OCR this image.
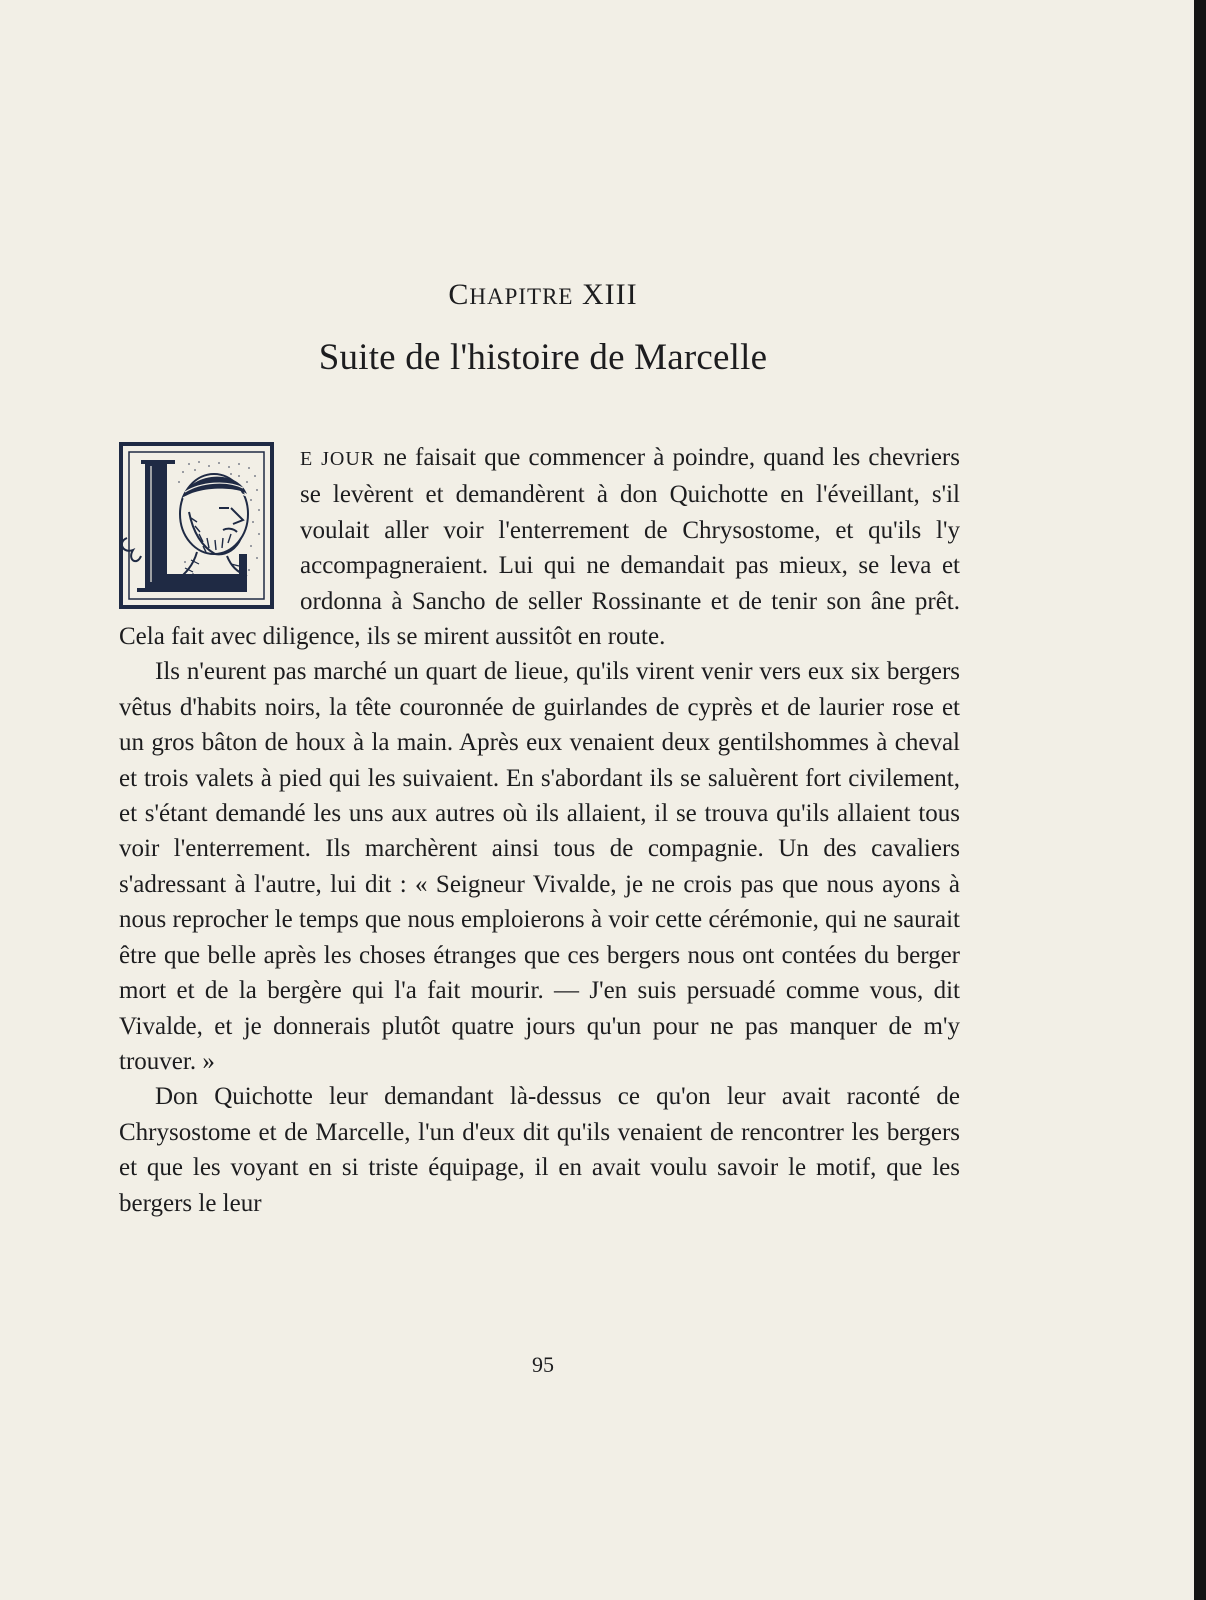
CHAPITRE XIII
Suite de l'histoire de Marcelle

E JOUR ne faisait que commencer à poindre, quand les chevriers se levèrent et demandèrent à don Quichotte en l'éveillant, s'il voulait aller voir l'enterrement de Chrysostome, et qu'ils l'y accompagneraient. Lui qui ne demandait pas mieux, se leva et ordonna à Sancho de seller Rossinante et de tenir son âne prêt. Cela fait avec diligence, ils se mirent aussitôt en route.

Ils n'eurent pas marché un quart de lieue, qu'ils virent venir vers eux six bergers vêtus d'habits noirs, la tête couronnée de guirlandes de cyprès et de laurier rose et un gros bâton de houx à la main. Après eux venaient deux gentilshommes à cheval et trois valets à pied qui les suivaient. En s'abordant ils se saluèrent fort civilement, et s'étant demandé les uns aux autres où ils allaient, il se trouva qu'ils allaient tous voir l'enterrement. Ils marchèrent ainsi tous de compagnie. Un des cavaliers s'adressant à l'autre, lui dit : « Seigneur Vivalde, je ne crois pas que nous ayons à nous reprocher le temps que nous emploierons à voir cette cérémonie, qui ne saurait être que belle après les choses étranges que ces bergers nous ont contées du berger mort et de la bergère qui l'a fait mourir. — J'en suis persuadé comme vous, dit Vivalde, et je donnerais plutôt quatre jours qu'un pour ne pas manquer de m'y trouver. »

Don Quichotte leur demandant là-dessus ce qu'on leur avait raconté de Chrysostome et de Marcelle, l'un d'eux dit qu'ils venaient de rencontrer les bergers et que les voyant en si triste équipage, il en avait voulu savoir le motif, que les bergers le leur

95
